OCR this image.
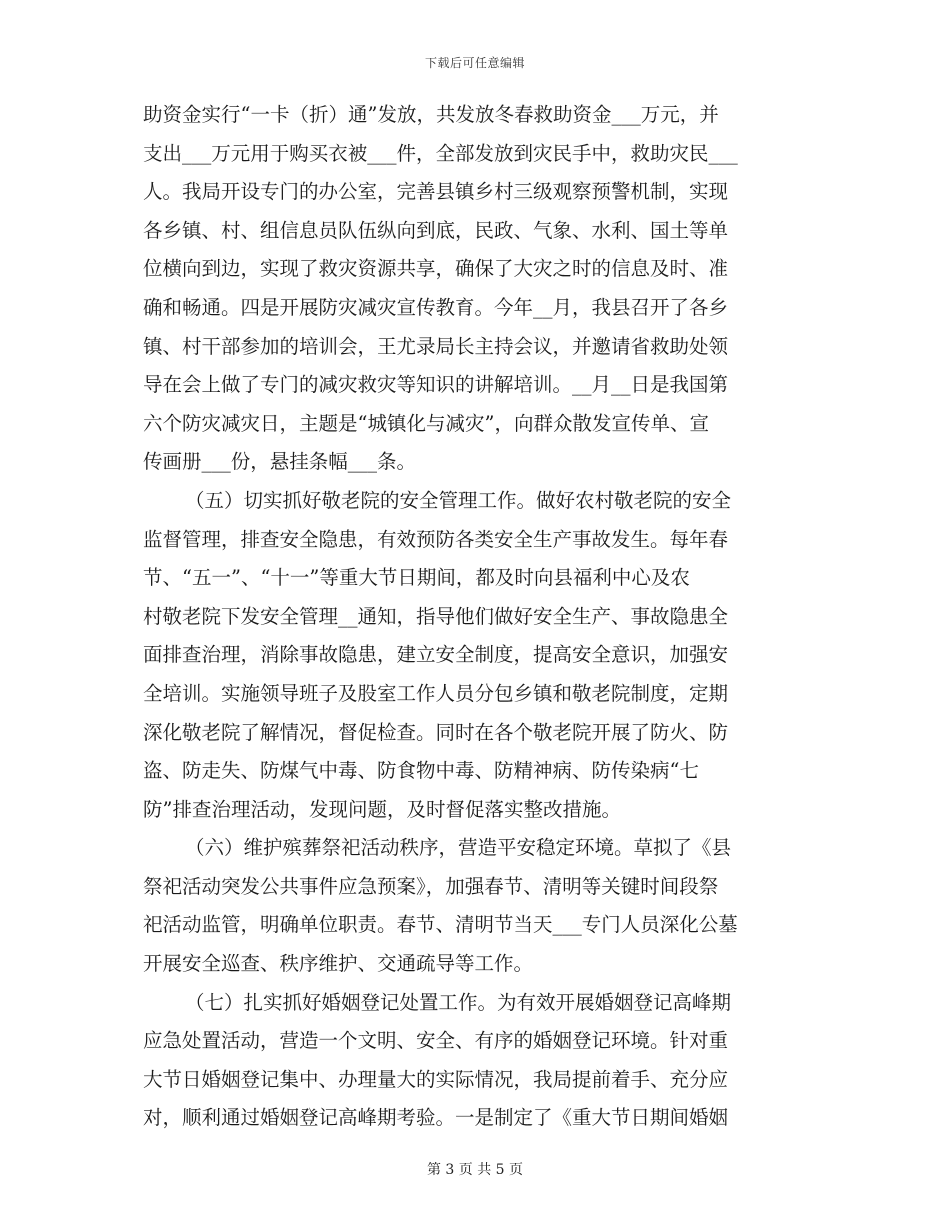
下载后可任意编辑
助资金实行“一卡（折）通”发放，共发放冬春救助资金___万元，并
支出___万元用于购买衣被___件，全部发放到灾民手中，救助灾民___
人。我局开设专门的办公室，完善县镇乡村三级观察预警机制，实现
各乡镇、村、组信息员队伍纵向到底，民政、气象、水利、国土等单
位横向到边，实现了救灾资源共享，确保了大灾之时的信息及时、准
确和畅通。四是开展防灾减灾宣传教育。今年__月，我县召开了各乡
镇、村干部参加的培训会，王尤录局长主持会议，并邀请省救助处领
导在会上做了专门的减灾救灾等知识的讲解培训。__月__日是我国第
六个防灾减灾日，主题是“城镇化与减灾”，向群众散发宣传单、宣
传画册___份，悬挂条幅___条。
（五）切实抓好敬老院的安全管理工作。做好农村敬老院的安全
监督管理，排查安全隐患，有效预防各类安全生产事故发生。每年春
节、“五一”、“十一”等重大节日期间，都及时向县福利中心及农
村敬老院下发安全管理__通知，指导他们做好安全生产、事故隐患全
面排查治理，消除事故隐患，建立安全制度，提高安全意识，加强安
全培训。实施领导班子及股室工作人员分包乡镇和敬老院制度，定期
深化敬老院了解情况，督促检查。同时在各个敬老院开展了防火、防
盗、防走失、防煤气中毒、防食物中毒、防精神病、防传染病“七
防”排查治理活动，发现问题，及时督促落实整改措施。
（六）维护殡葬祭祀活动秩序，营造平安稳定环境。草拟了《县
祭祀活动突发公共事件应急预案》，加强春节、清明等关键时间段祭
祀活动监管，明确单位职责。春节、清明节当天___专门人员深化公墓
开展安全巡查、秩序维护、交通疏导等工作。
（七）扎实抓好婚姻登记处置工作。为有效开展婚姻登记高峰期
应急处置活动，营造一个文明、安全、有序的婚姻登记环境。针对重
大节日婚姻登记集中、办理量大的实际情况，我局提前着手、充分应
对，顺利通过婚姻登记高峰期考验。一是制定了《重大节日期间婚姻
第 3 页 共 5 页
